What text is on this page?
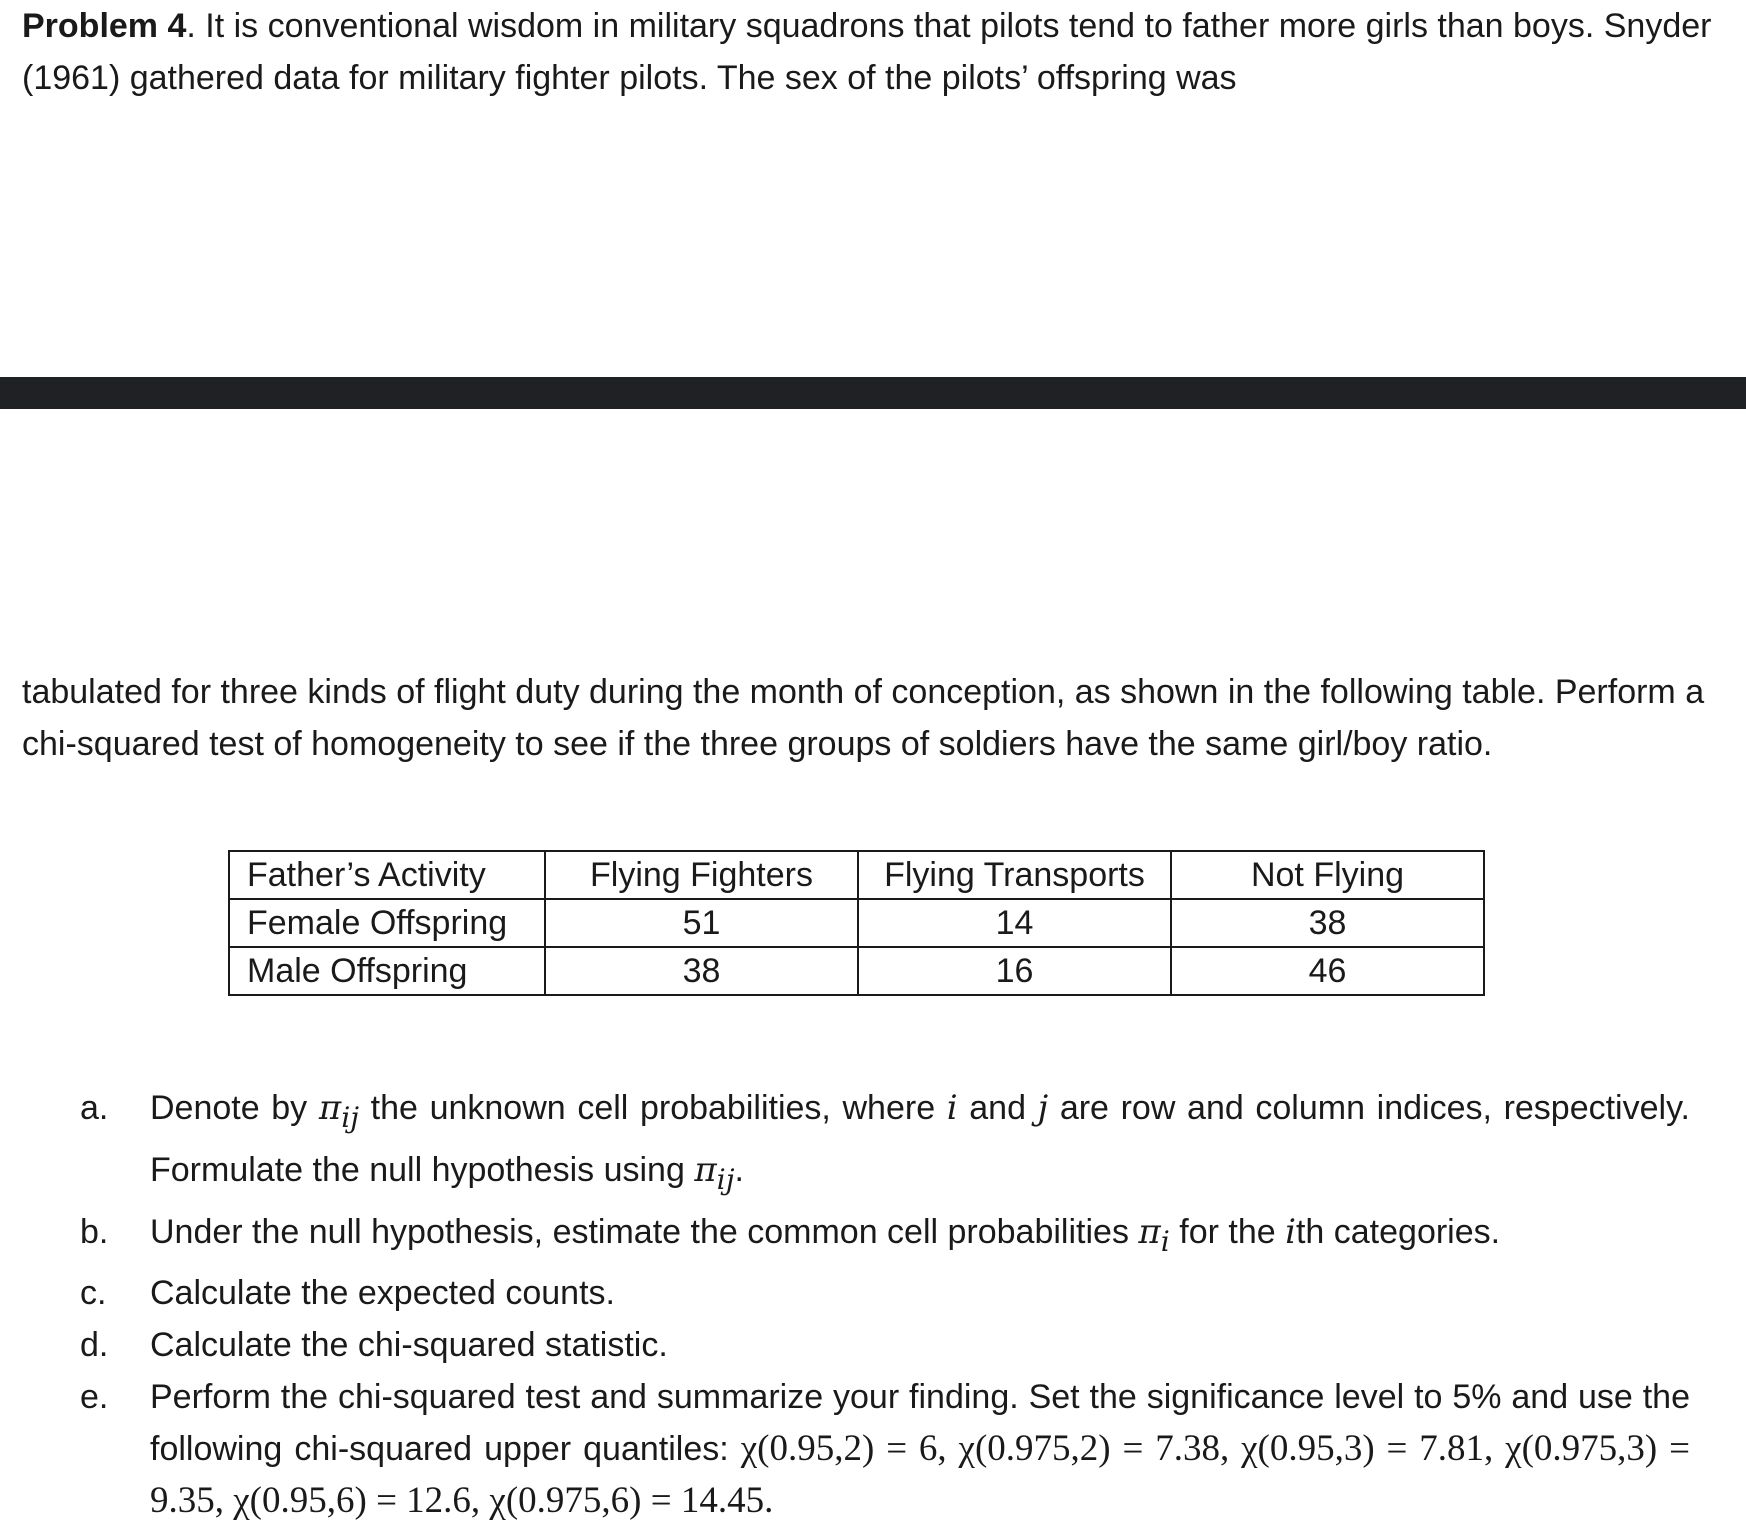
Problem 4. It is conventional wisdom in military squadrons that pilots tend to father more girls than boys. Snyder (1961) gathered data for military fighter pilots. The sex of the pilots’ offspring was
tabulated for three kinds of flight duty during the month of conception, as shown in the following table. Perform a chi-squared test of homogeneity to see if the three groups of soldiers have the same girl/boy ratio.
Father’s Activity	Flying Fighters	Flying Transports	Not Flying
Female Offspring	51	14	38
Male Offspring	38	16	46
a.	Denote by $\pi_{ij}$ the unknown cell probabilities, where i and j are row and column indices, respectively. Formulate the null hypothesis using $\pi_{ij}$.
b.	Under the null hypothesis, estimate the common cell probabilities $\pi_i$ for the ith categories.
c.	Calculate the expected counts.
d.	Calculate the chi-squared statistic.
e.	Perform the chi-squared test and summarize your finding. Set the significance level to 5% and use the following chi-squared upper quantiles: χ(0.95,2) = 6, χ(0.975,2) = 7.38, χ(0.95,3) = 7.81, χ(0.975,3) = 9.35, χ(0.95,6) = 12.6, χ(0.975,6) = 14.45.
